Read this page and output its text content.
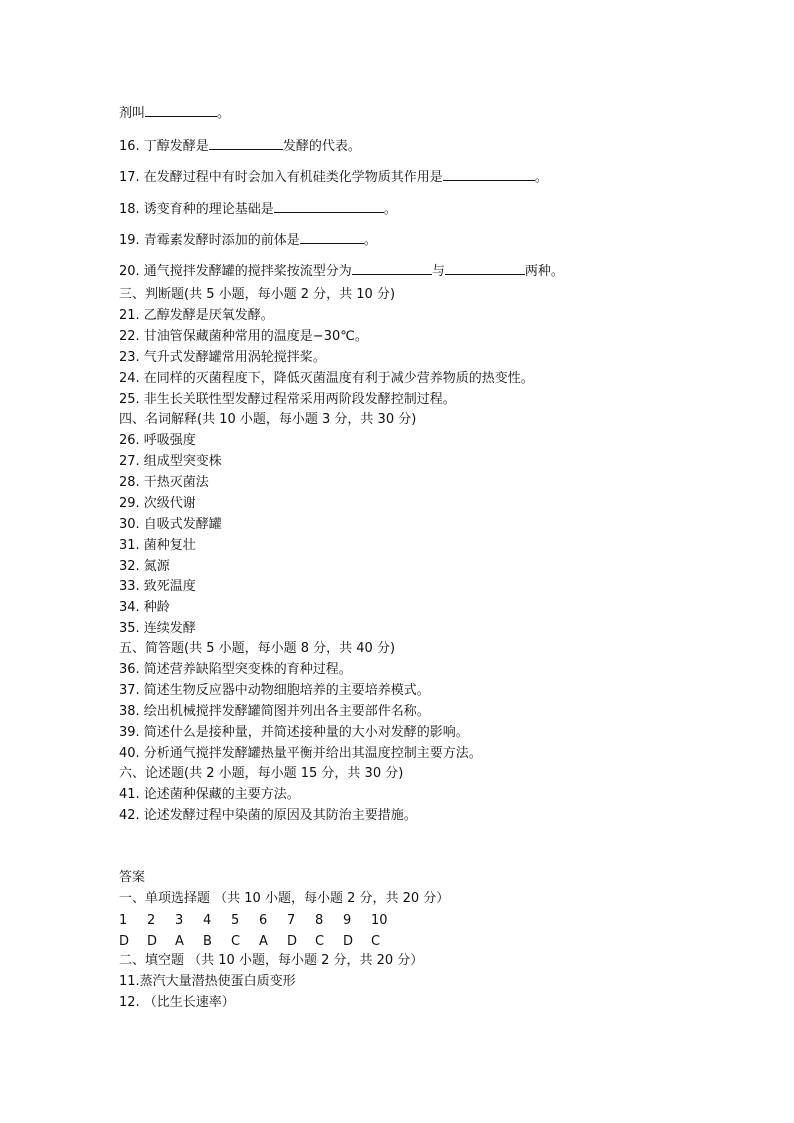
剂叫	。
16. 丁醇发酵是	发酵的代表。
17. 在发酵过程中有时会加入有机硅类化学物质其作用是	。
18. 诱变育种的理论基础是	。
19. 青霉素发酵时添加的前体是	。
20. 通气搅拌发酵罐的搅拌桨按流型分为	与	两种。
三、判断题(共 5 小题，每小题 2 分，共 10 分)
21. 乙醇发酵是厌氧发酵。
22. 甘油管保藏菌种常用的温度是−30℃。
23. 气升式发酵罐常用涡轮搅拌桨。
24. 在同样的灭菌程度下，降低灭菌温度有利于减少营养物质的热变性。
25. 非生长关联性型发酵过程常采用两阶段发酵控制过程。
四、名词解释(共 10 小题，每小题 3 分，共 30 分)
26. 呼吸强度
27. 组成型突变株
28. 干热灭菌法
29. 次级代谢
30. 自吸式发酵罐
31. 菌种复壮
32. 氮源
33. 致死温度
34. 种龄
35. 连续发酵
五、简答题(共 5 小题，每小题 8 分，共 40 分)
36. 简述营养缺陷型突变株的育种过程。
37. 简述生物反应器中动物细胞培养的主要培养模式。
38. 绘出机械搅拌发酵罐简图并列出各主要部件名称。
39. 简述什么是接种量，并简述接种量的大小对发酵的影响。
40. 分析通气搅拌发酵罐热量平衡并给出其温度控制主要方法。
六、论述题(共 2 小题，每小题 15 分，共 30 分)
41. 论述菌种保藏的主要方法。
42. 论述发酵过程中染菌的原因及其防治主要措施。
答案
一、单项选择题 （共 10 小题，每小题 2 分，共 20 分）
1 2 3 4 5 6 7 8 9 10
D D A B C A D C D C
二、填空题 （共 10 小题，每小题 2 分，共 20 分）
11.蒸汽大量潜热使蛋白质变形
12. （比生长速率）
